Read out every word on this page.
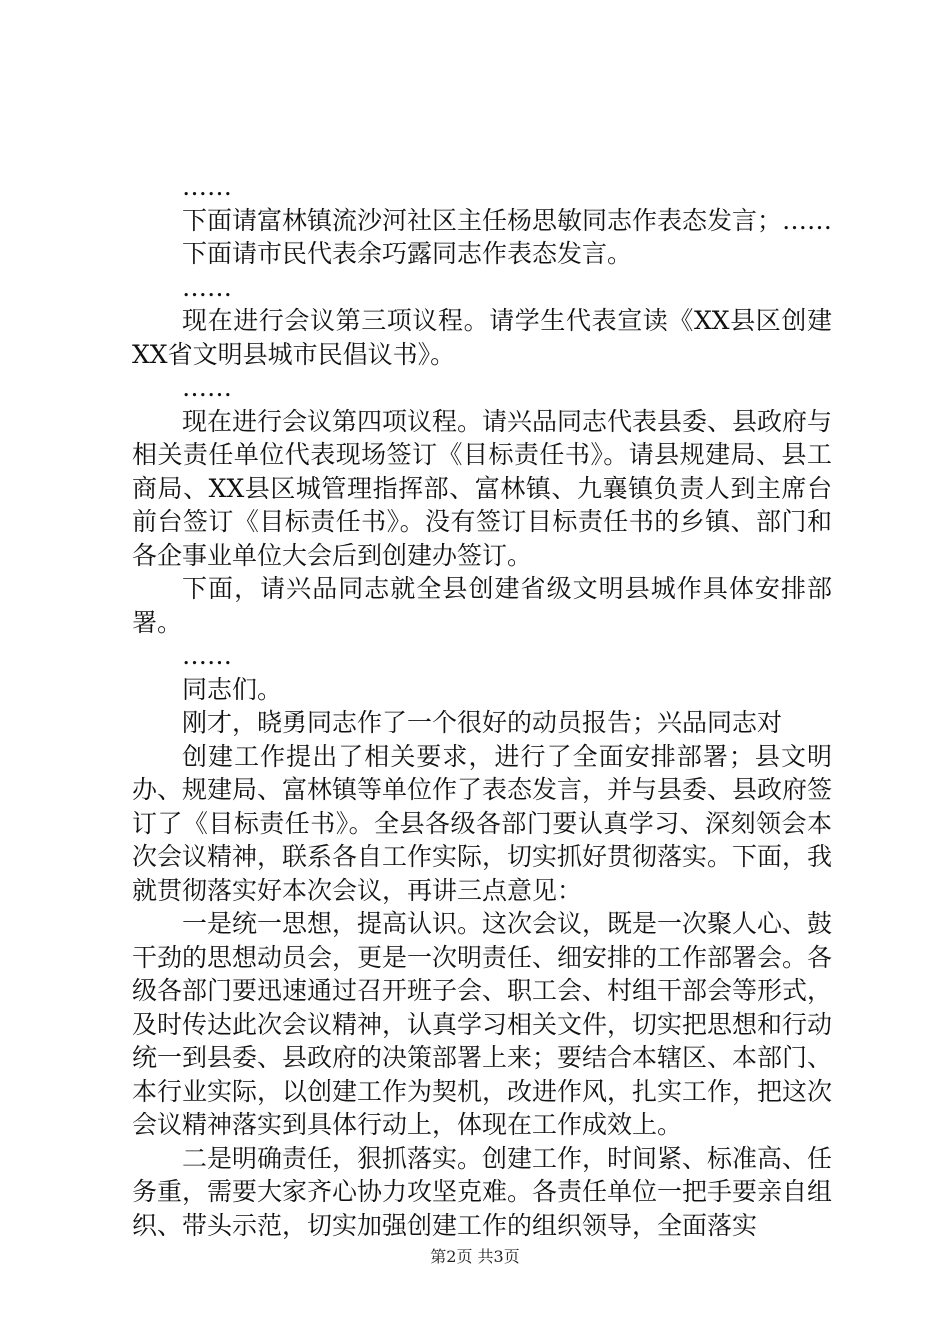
……

下面请富林镇流沙河社区主任杨思敏同志作表态发言；……

下面请市民代表余巧露同志作表态发言。

……

现在进行会议第三项议程。请学生代表宣读《XX县区创建XX省文明县城市民倡议书》。

……

现在进行会议第四项议程。请兴品同志代表县委、县政府与相关责任单位代表现场签订《目标责任书》。请县规建局、县工商局、XX县区城管理指挥部、富林镇、九襄镇负责人到主席台前台签订《目标责任书》。没有签订目标责任书的乡镇、部门和各企事业单位大会后到创建办签订。

下面，请兴品同志就全县创建省级文明县城作具体安排部署。

……

同志们。

刚才，晓勇同志作了一个很好的动员报告；兴品同志对

创建工作提出了相关要求，进行了全面安排部署；县文明办、规建局、富林镇等单位作了表态发言，并与县委、县政府签订了《目标责任书》。全县各级各部门要认真学习、深刻领会本次会议精神，联系各自工作实际，切实抓好贯彻落实。下面，我就贯彻落实好本次会议，再讲三点意见：

一是统一思想，提高认识。这次会议，既是一次聚人心、鼓干劲的思想动员会，更是一次明责任、细安排的工作部署会。各级各部门要迅速通过召开班子会、职工会、村组干部会等形式，及时传达此次会议精神，认真学习相关文件，切实把思想和行动统一到县委、县政府的决策部署上来；要结合本辖区、本部门、本行业实际，以创建工作为契机，改进作风，扎实工作，把这次会议精神落实到具体行动上，体现在工作成效上。

二是明确责任，狠抓落实。创建工作，时间紧、标准高、任务重，需要大家齐心协力攻坚克难。各责任单位一把手要亲自组织、带头示范，切实加强创建工作的组织领导，全面落实

第2页 共3页
